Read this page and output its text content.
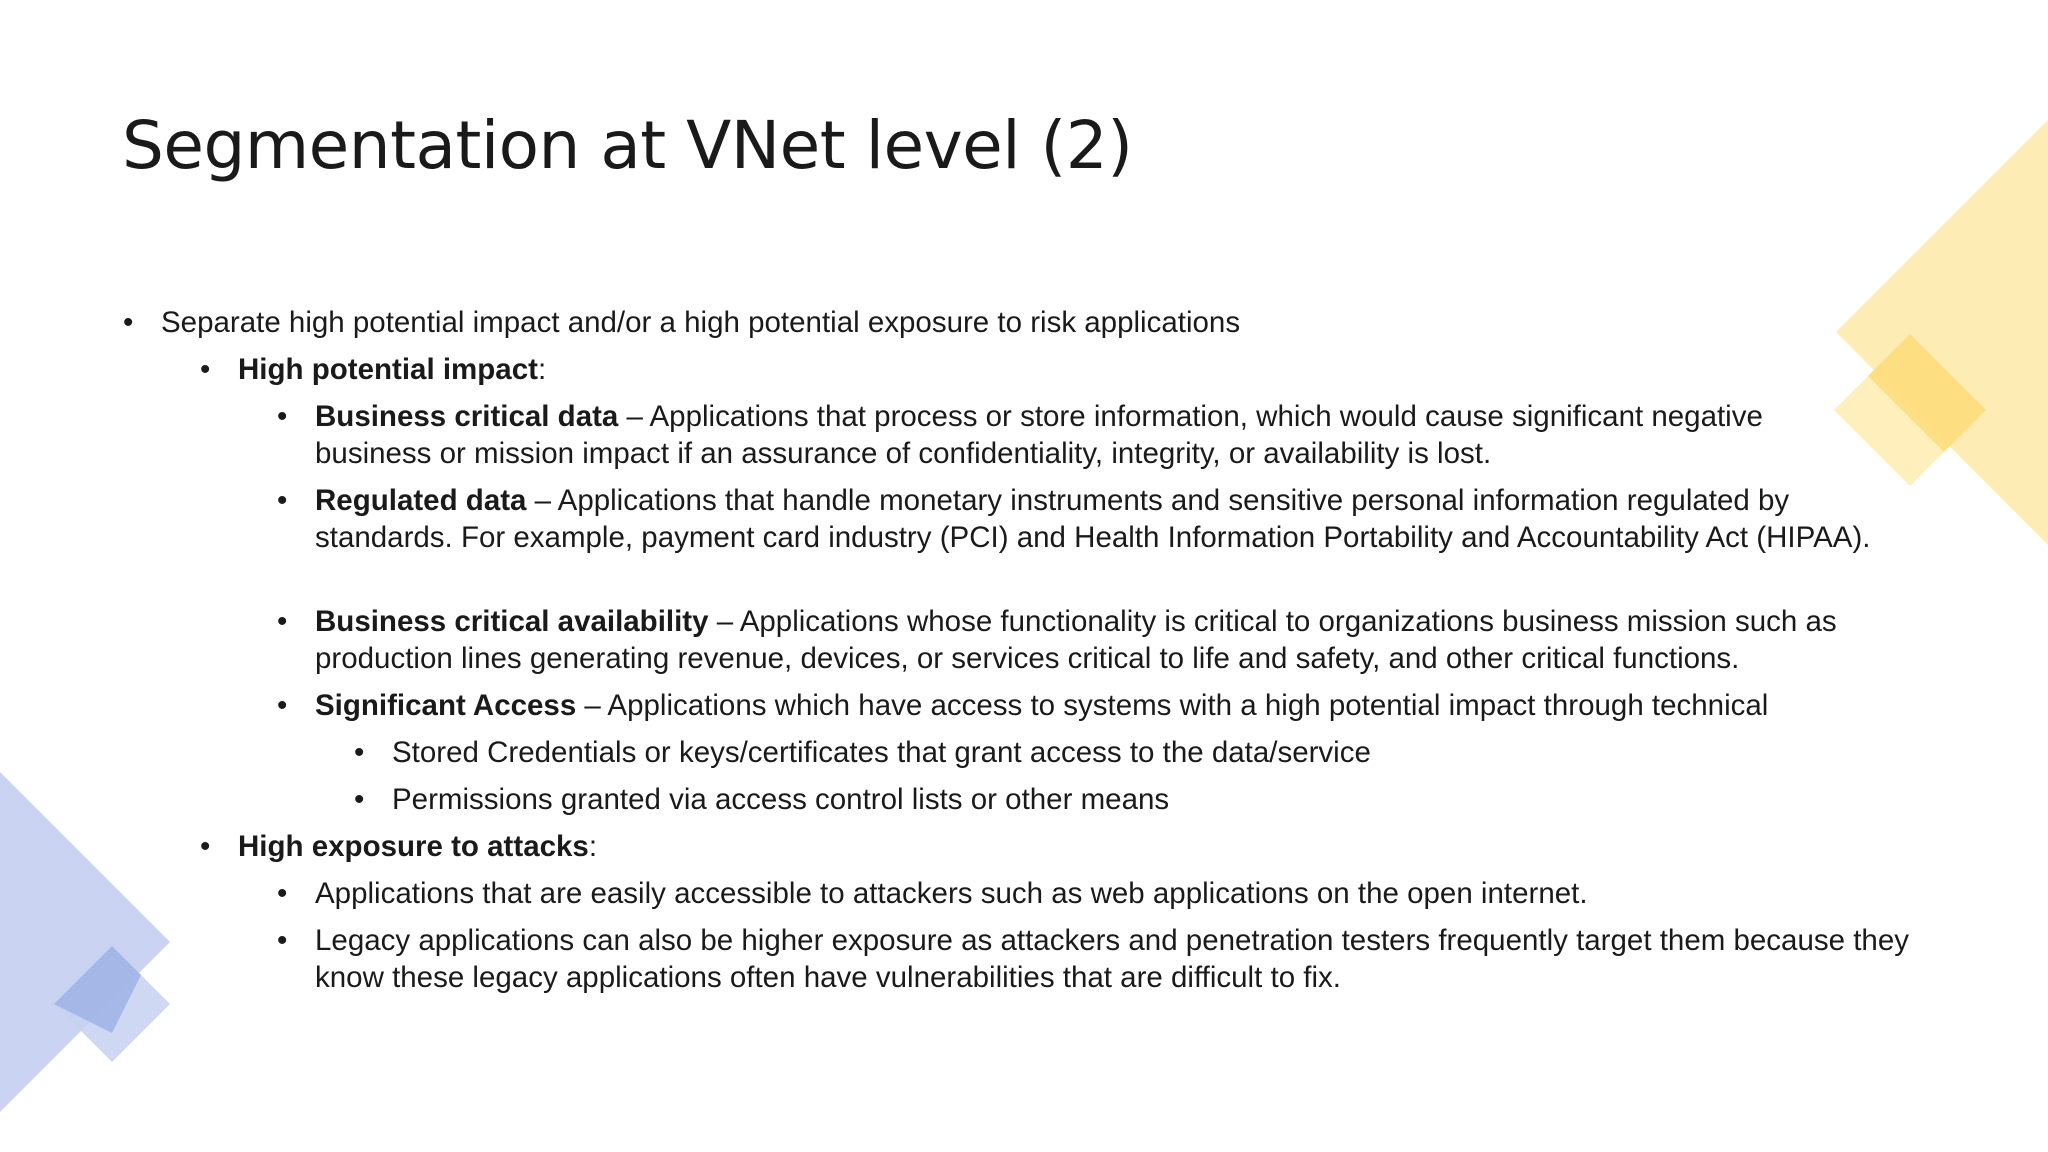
Segmentation at VNet level (2)
• Separate high potential impact and/or a high potential exposure to risk applications
• High potential impact:
• Business critical data – Applications that process or store information, which would cause significant negative business or mission impact if an assurance of confidentiality, integrity, or availability is lost.
• Regulated data – Applications that handle monetary instruments and sensitive personal information regulated by standards. For example, payment card industry (PCI) and Health Information Portability and Accountability Act (HIPAA).
• Business critical availability – Applications whose functionality is critical to organizations business mission such as production lines generating revenue, devices, or services critical to life and safety, and other critical functions.
• Significant Access – Applications which have access to systems with a high potential impact through technical
• Stored Credentials or keys/certificates that grant access to the data/service
• Permissions granted via access control lists or other means
• High exposure to attacks:
• Applications that are easily accessible to attackers such as web applications on the open internet.
• Legacy applications can also be higher exposure as attackers and penetration testers frequently target them because they know these legacy applications often have vulnerabilities that are difficult to fix.
